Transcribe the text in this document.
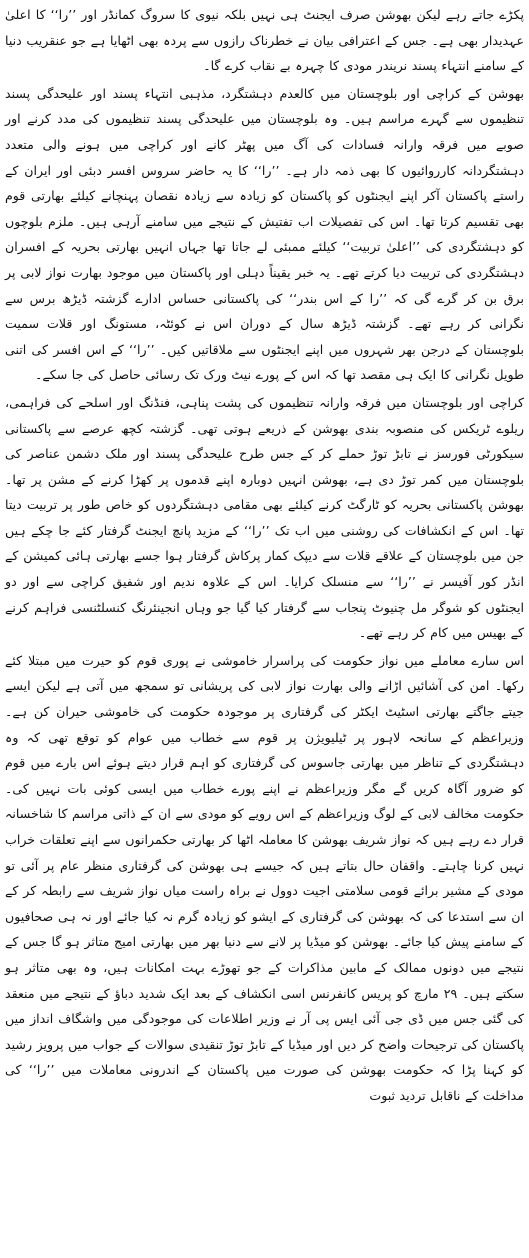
پکڑے جاتے رہے لیکن بھوشن صرف ایجنٹ ہی نہیں بلکہ نیوی کا سروگ کمانڈر اور ’’را‘‘ کا اعلیٰ عہدیدار بھی ہے۔ جس کے اعترافی بیان نے خطرناک رازوں سے پردہ بھی اٹھایا ہے جو عنقریب دنیا کے سامنے انتہاء پسند نریندر مودی کا چہرہ بے نقاب کرے گا۔

بھوشن کے کراچی اور بلوچستان میں کالعدم دہشتگرد، مذہبی انتہاء پسند اور علیحدگی پسند تنظیموں سے گہرے مراسم ہیں۔ وہ بلوچستان میں علیحدگی پسند تنظیموں کی مدد کرنے اور صوبے میں فرقہ وارانہ فسادات کی آگ میں پھٹر کانے اور کراچی میں ہونے والی متعدد دہشتگردانہ کارروائیوں کا بھی ذمہ دار ہے۔ ’’را‘‘ کا یہ حاضر سروس افسر دبئی اور ایران کے راستے پاکستان آکر اپنے ایجنٹوں کو پاکستان کو زیادہ سے زیادہ نقصان پہنچانے کیلئے بھارتی قوم بھی تقسیم کرتا تھا۔ اس کی تفصیلات اب تفتیش کے نتیجے میں سامنے آرہی ہیں۔ ملزم بلوچوں کو دہشتگردی کی ’’اعلیٰ تربیت‘‘ کیلئے ممبئی لے جاتا تھا جہاں انہیں بھارتی بحریہ کے افسران دہشتگردی کی تربیت دیا کرتے تھے۔ یہ خبر یقیناً دہلی اور پاکستان میں موجود بھارت نواز لابی پر برق بن کر گرے گی کہ ’’را کے اس بندر‘‘ کی پاکستانی حساس ادارے گزشتہ ڈیڑھ برس سے نگرانی کر رہے تھے۔ گزشتہ ڈیڑھ سال کے دوران اس نے کوئٹہ، مستونگ اور قلات سمیت بلوچستان کے درجن بھر شہروں میں اپنے ایجنٹوں سے ملاقاتیں کیں۔ ’’را‘‘ کے اس افسر کی اتنی طویل نگرانی کا ایک ہی مقصد تھا کہ اس کے پورے نیٹ ورک تک رسائی حاصل کی جا سکے۔

کراچی اور بلوچستان میں فرقہ وارانہ تنظیموں کی پشت پناہی، فنڈنگ اور اسلحے کی فراہمی، ریلوے ٹریکس کی منصوبہ بندی بھوشن کے ذریعے ہوتی تھی۔ گزشتہ کچھ عرصے سے پاکستانی سیکورٹی فورسز نے تابڑ توڑ حملے کر کے جس طرح علیحدگی پسند اور ملک دشمن عناصر کی بلوچستان میں کمر توڑ دی ہے، بھوشن انہیں دوبارہ اپنے قدموں پر کھڑا کرنے کے مشن پر تھا۔ بھوشن پاکستانی بحریہ کو ٹارگٹ کرنے کیلئے بھی مقامی دہشتگردوں کو خاص طور پر تربیت دیتا تھا۔ اس کے انکشافات کی روشنی میں اب تک ’’را‘‘ کے مزید پانچ ایجنٹ گرفتار کئے جا چکے ہیں جن میں بلوچستان کے علاقے قلات سے دیپک کمار پرکاش گرفتار ہوا جسے بھارتی ہائی کمیشن کے انڈر کور آفیسر نے ’’را‘‘ سے منسلک کرایا۔ اس کے علاوہ ندیم اور شفیق کراچی سے اور دو ایجنٹوں کو شوگر مل چنیوٹ پنجاب سے گرفتار کیا گیا جو وہاں انجینئرنگ کنسلٹنسی فراہم کرنے کے بھیس میں کام کر رہے تھے۔

اس سارے معاملے میں نواز حکومت کی پراسرار خاموشی نے پوری قوم کو حیرت میں مبتلا کئے رکھا۔ امن کی آشائیں اڑانے والی بھارت نواز لابی کی پریشانی تو سمجھ میں آتی ہے لیکن ایسے جیتے جاگتے بھارتی اسٹیٹ ایکٹر کی گرفتاری پر موجودہ حکومت کی خاموشی حیران کن ہے۔ وزیراعظم کے سانحہ لاہور پر ٹیلیویژن پر قوم سے خطاب میں عوام کو توقع تھی کہ وہ دہشتگردی کے تناظر میں بھارتی جاسوس کی گرفتاری کو اہم قرار دیتے ہوئے اس بارے میں قوم کو ضرور آگاہ کریں گے مگر وزیراعظم نے اپنے پورے خطاب میں ایسی کوئی بات نہیں کی۔ حکومت مخالف لابی کے لوگ وزیراعظم کے اس رویے کو مودی سے ان کے ذاتی مراسم کا شاخسانہ قرار دے رہے ہیں کہ نواز شریف بھوشن کا معاملہ اٹھا کر بھارتی حکمرانوں سے اپنے تعلقات خراب نہیں کرنا چاہتے۔ واقفان حال بتاتے ہیں کہ جیسے ہی بھوشن کی گرفتاری منظر عام پر آئی تو مودی کے مشیر برائے قومی سلامتی اجیت دوول نے براہ راست میاں نواز شریف سے رابطہ کر کے ان سے استدعا کی کہ بھوشن کی گرفتاری کے ایشو کو زیادہ گرم نہ کیا جائے اور نہ ہی صحافیوں کے سامنے پیش کیا جائے۔ بھوشن کو میڈیا پر لانے سے دنیا بھر میں بھارتی امیج متاثر ہو گا جس کے نتیجے میں دونوں ممالک کے مابین مذاکرات کے جو تھوڑے بہت امکانات ہیں، وہ بھی متاثر ہو سکتے ہیں۔ ۲۹ مارچ کو پریس کانفرنس اسی انکشاف کے بعد ایک شدید دباؤ کے نتیجے میں منعقد کی گئی جس میں ڈی جی آئی ایس پی آر نے وزیر اطلاعات کی موجودگی میں واشگاف انداز میں پاکستان کی ترجیحات واضح کر دیں اور میڈیا کے تابڑ توڑ تنقیدی سوالات کے جواب میں پرویز رشید کو کہنا پڑا کہ حکومت بھوشن کی صورت میں پاکستان کے اندرونی معاملات میں ’’را‘‘ کی مداخلت کے ناقابل تردید ثبوت
